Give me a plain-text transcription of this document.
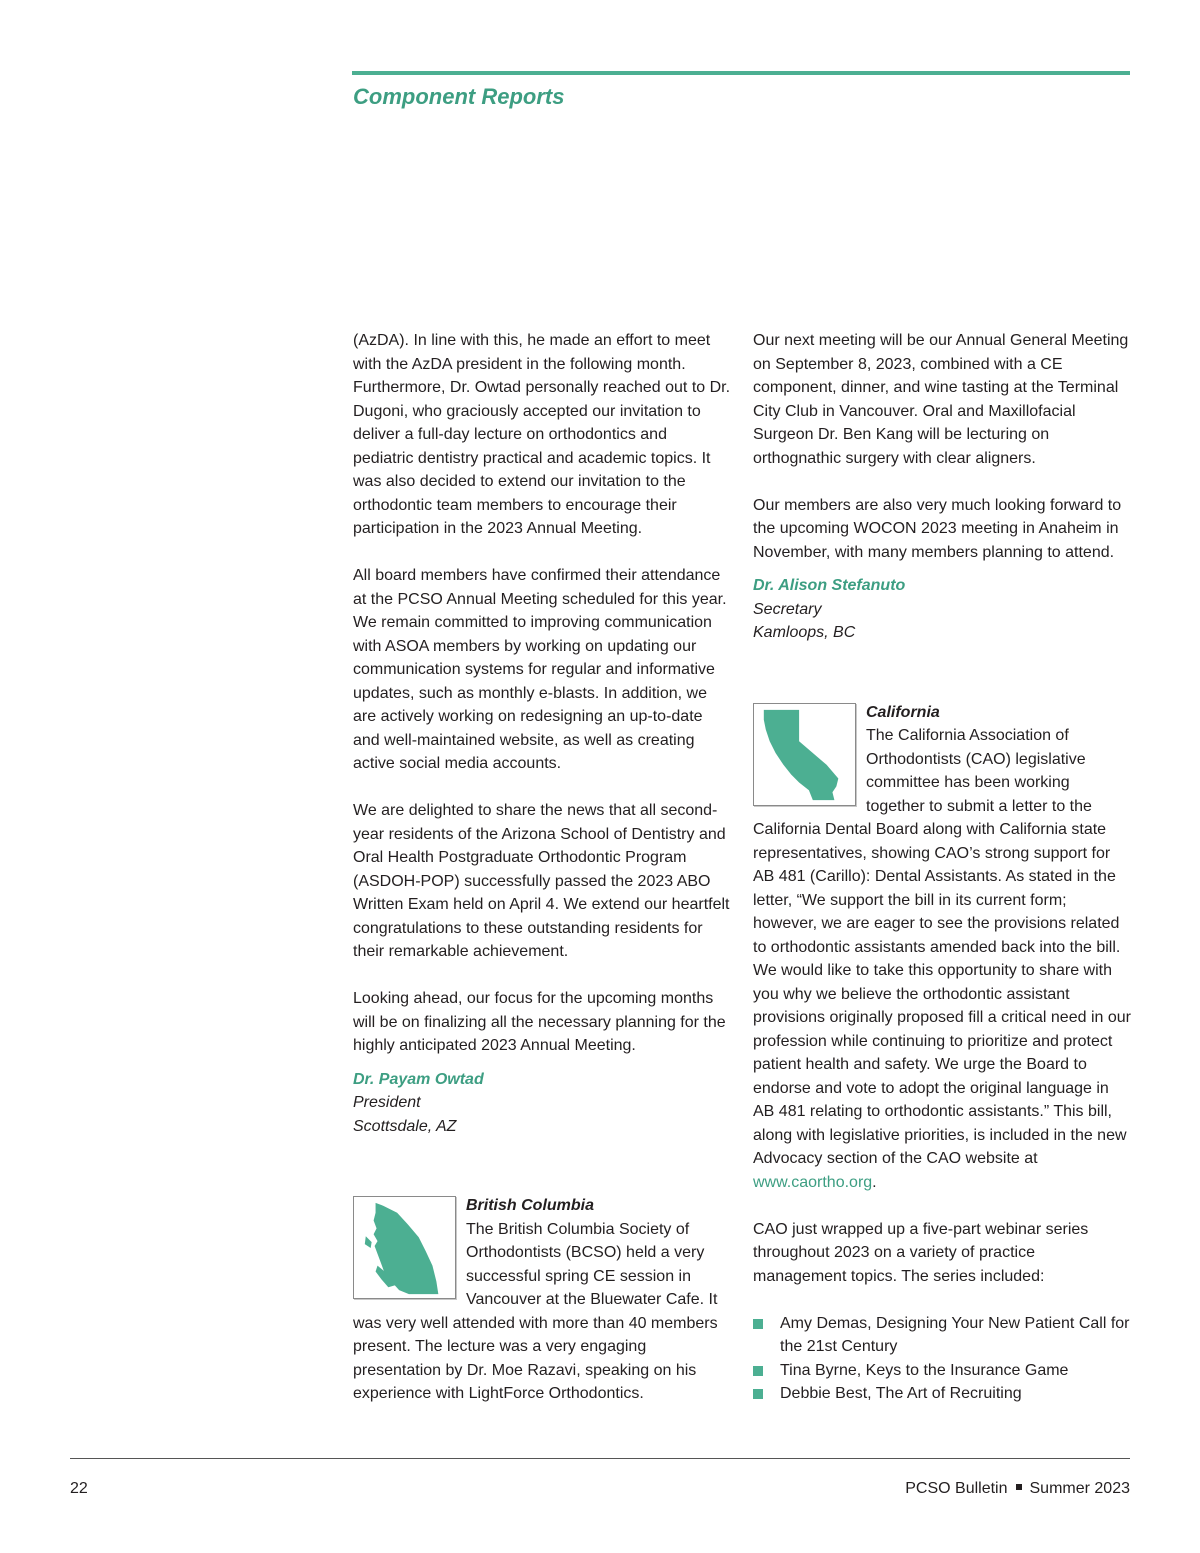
Component Reports

(AzDA). In line with this, he made an effort to meet with the AzDA president in the following month. Furthermore, Dr. Owtad personally reached out to Dr. Dugoni, who graciously accepted our invitation to deliver a full-day lecture on orthodontics and pediatric dentistry practical and academic topics. It was also decided to extend our invitation to the orthodontic team members to encourage their participation in the 2023 Annual Meeting.

All board members have confirmed their attendance at the PCSO Annual Meeting scheduled for this year. We remain committed to improving communication with ASOA members by working on updating our communication systems for regular and informative updates, such as monthly e-blasts. In addition, we are actively working on redesigning an up-to-date and well-maintained website, as well as creating active social media accounts.

We are delighted to share the news that all second-year residents of the Arizona School of Dentistry and Oral Health Postgraduate Orthodontic Program (ASDOH-POP) successfully passed the 2023 ABO Written Exam held on April 4. We extend our heartfelt congratulations to these outstanding residents for their remarkable achievement.

Looking ahead, our focus for the upcoming months will be on finalizing all the necessary planning for the highly anticipated 2023 Annual Meeting.

Dr. Payam Owtad
President
Scottsdale, AZ
British Columbia

The British Columbia Society of Orthodontists (BCSO) held a very successful spring CE session in Vancouver at the Bluewater Cafe. It was very well attended with more than 40 members present. The lecture was a very engaging presentation by Dr. Moe Razavi, speaking on his experience with LightForce Orthodontics.

Our next meeting will be our Annual General Meeting on September 8, 2023, combined with a CE component, dinner, and wine tasting at the Terminal City Club in Vancouver. Oral and Maxillofacial Surgeon Dr. Ben Kang will be lecturing on orthognathic surgery with clear aligners.

Our members are also very much looking forward to the upcoming WOCON 2023 meeting in Anaheim in November, with many members planning to attend.

Dr. Alison Stefanuto
Secretary
Kamloops, BC
California

The California Association of Orthodontists (CAO) legislative committee has been working together to submit a letter to the California Dental Board along with California state representatives, showing CAO’s strong support for AB 481 (Carillo): Dental Assistants. As stated in the letter, “We support the bill in its current form; however, we are eager to see the provisions related to orthodontic assistants amended back into the bill. We would like to take this opportunity to share with you why we believe the orthodontic assistant provisions originally proposed fill a critical need in our profession while continuing to prioritize and protect patient health and safety. We urge the Board to endorse and vote to adopt the original language in AB 481 relating to orthodontic assistants.” This bill, along with legislative priorities, is included in the new Advocacy section of the CAO website at www.caortho.org.

CAO just wrapped up a five-part webinar series throughout 2023 on a variety of practice management topics. The series included:

Amy Demas, Designing Your New Patient Call for the 21st Century
Tina Byrne, Keys to the Insurance Game
Debbie Best, The Art of Recruiting
22	PCSO Bulletin Summer 2023
